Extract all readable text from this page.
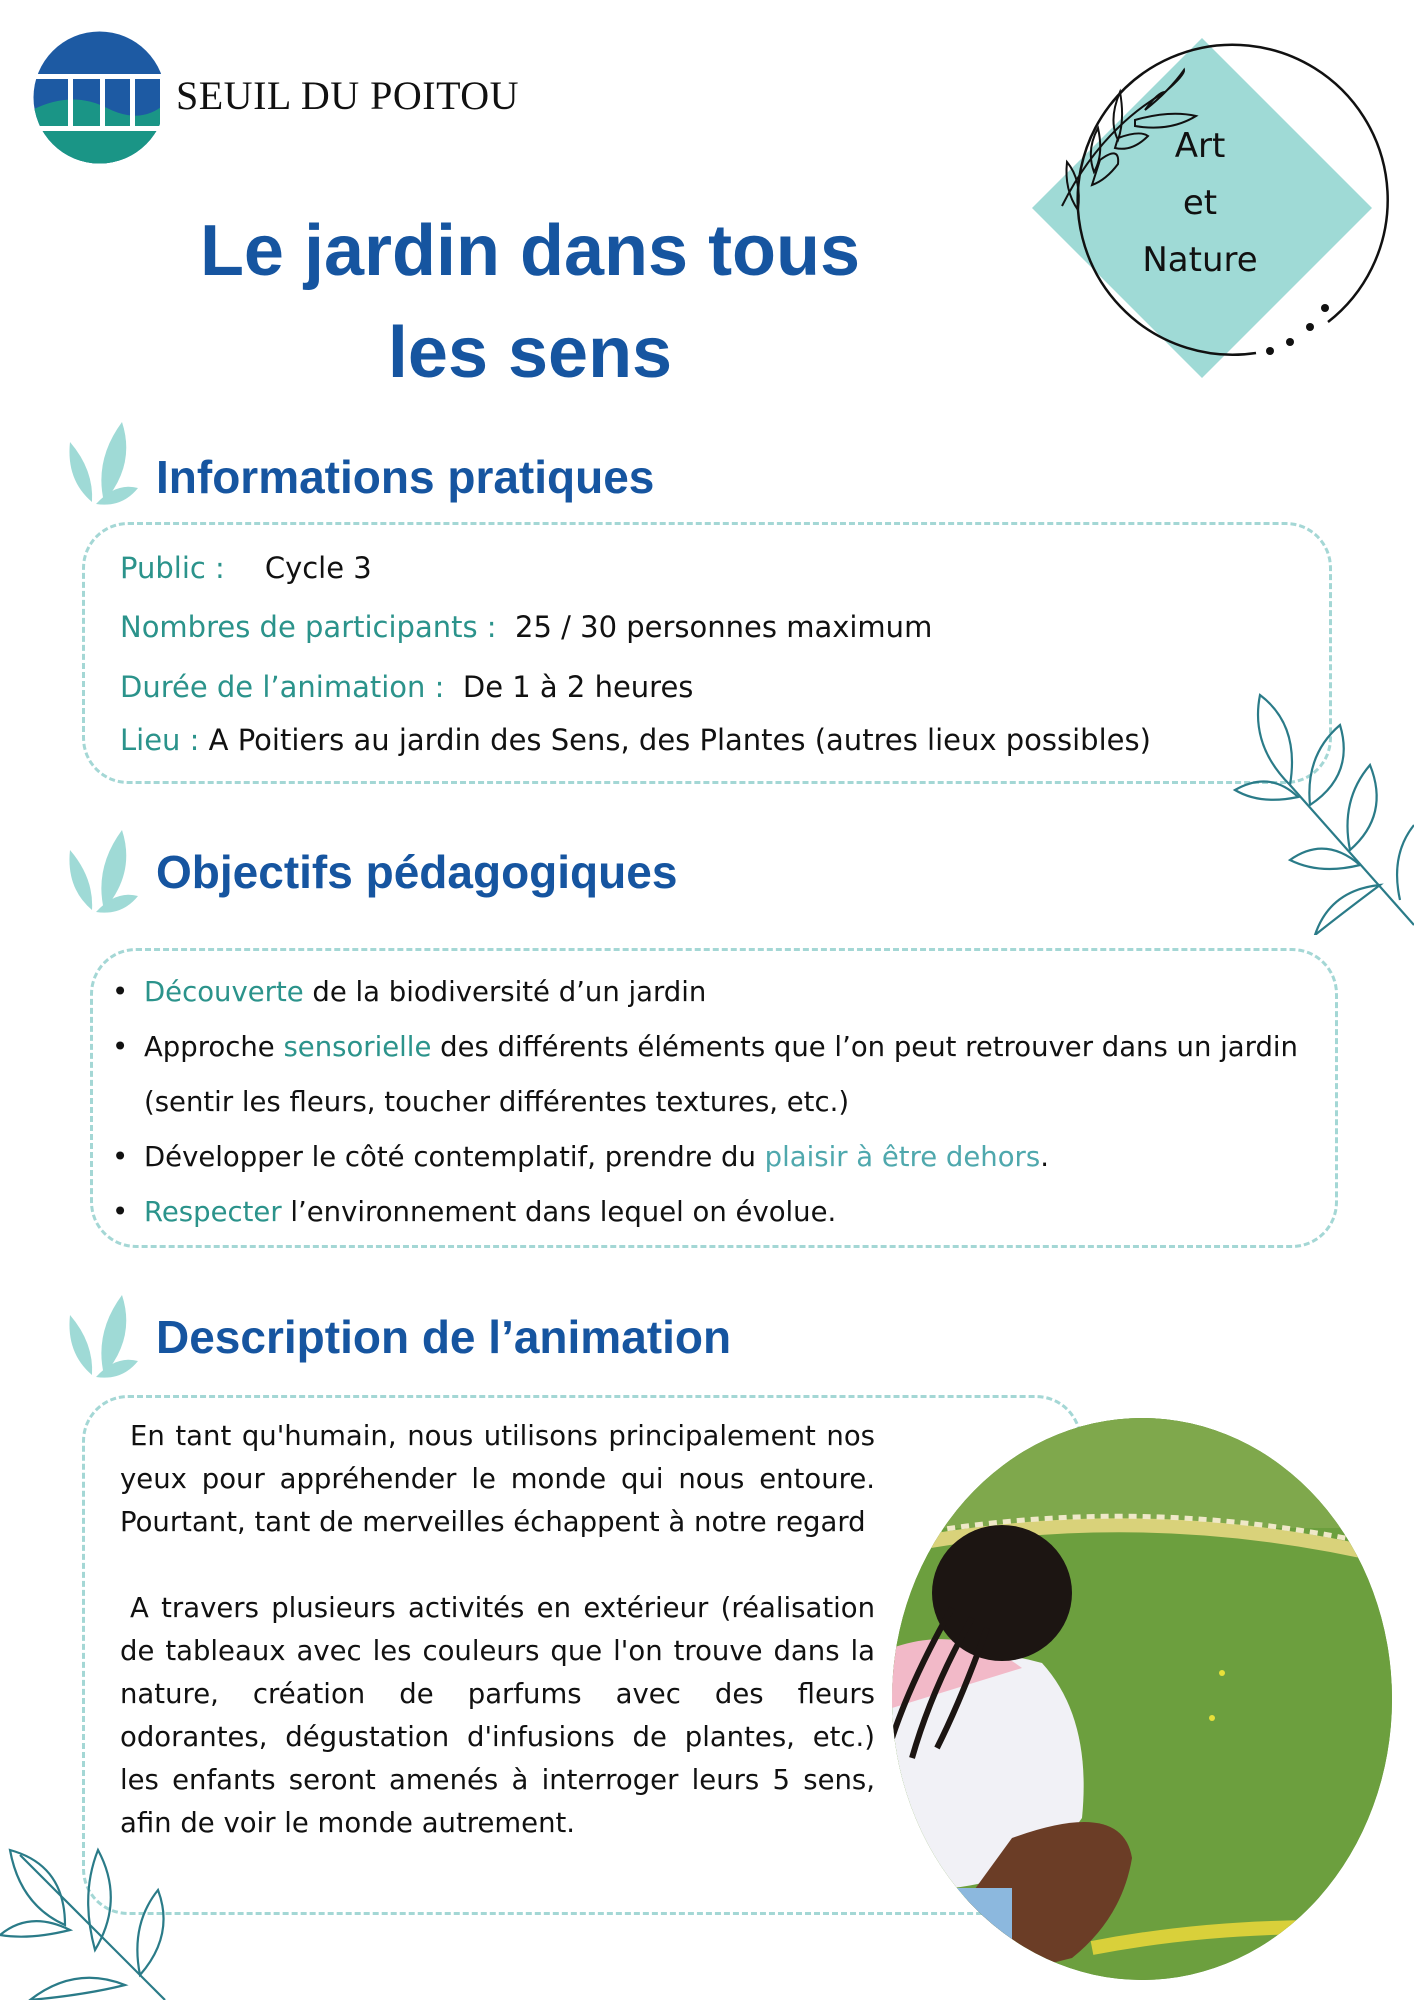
SEUIL DU POITOU
Le jardin dans tous
les sens
Art
et
Nature
Informations pratiques
Public : Cycle 3
Nombres de participants : 25 / 30 personnes maximum
Durée de l’animation : De 1 à 2 heures
Lieu : A Poitiers au jardin des Sens, des Plantes (autres lieux possibles)
Objectifs pédagogiques
• Découverte de la biodiversité d’un jardin
• Approche sensorielle des différents éléments que l’on peut retrouver dans un jardin (sentir les fleurs, toucher différentes textures, etc.)
• Développer le côté contemplatif, prendre du plaisir à être dehors.
• Respecter l’environnement dans lequel on évolue.
Description de l’animation

En tant qu'humain, nous utilisons principalement nos yeux pour appréhender le monde qui nous entoure. Pourtant, tant de merveilles échappent à notre regard

A travers plusieurs activités en extérieur (réalisation de tableaux avec les couleurs que l'on trouve dans la nature, création de parfums avec des fleurs odorantes, dégustation d'infusions de plantes, etc.) les enfants seront amenés à interroger leurs 5 sens, afin de voir le monde autrement.
